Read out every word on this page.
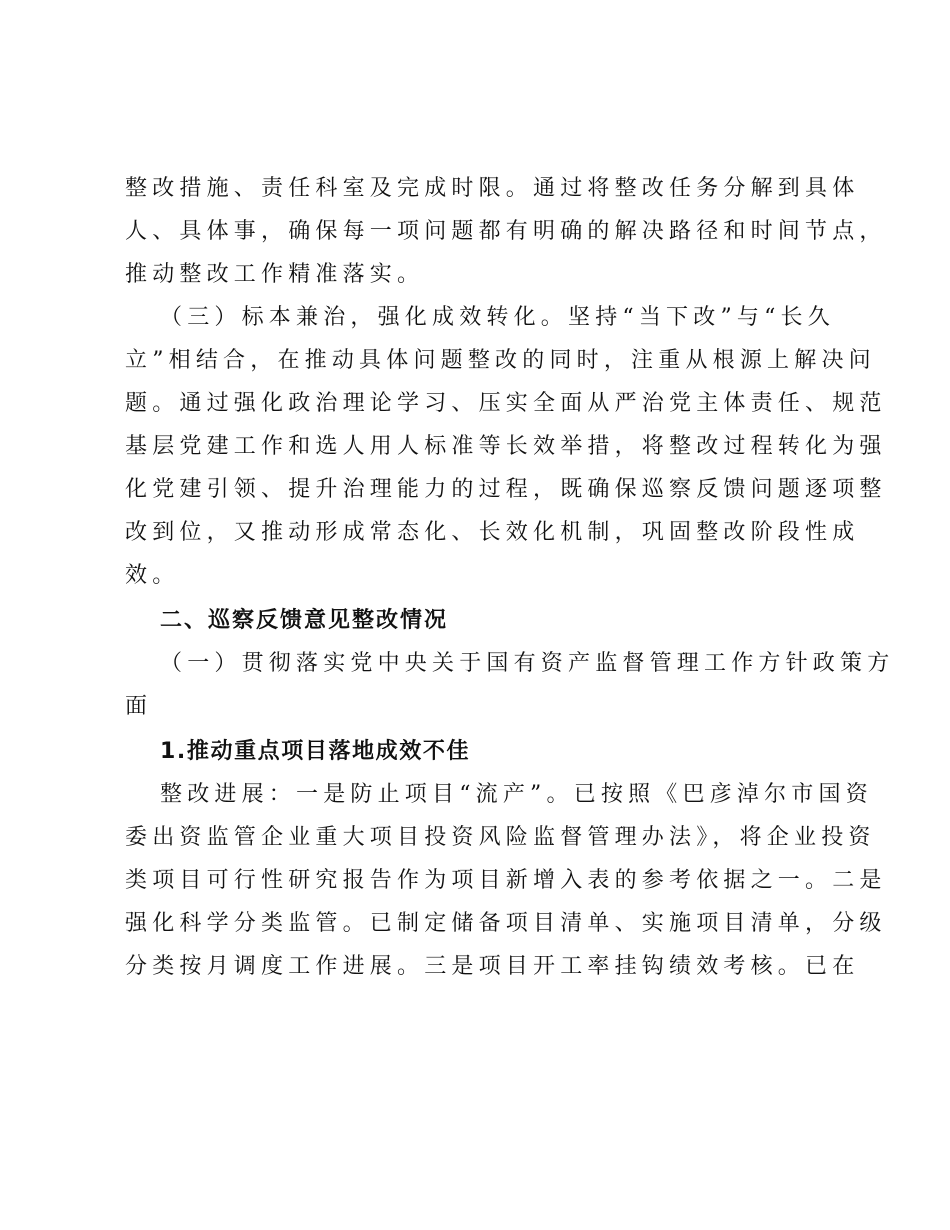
整改措施、责任科室及完成时限。通过将整改任务分解到具体
人、具体事，确保每一项问题都有明确的解决路径和时间节点，
推动整改工作精准落实。
（三）标本兼治，强化成效转化。坚持“当下改”与“长久
立”相结合，在推动具体问题整改的同时，注重从根源上解决问
题。通过强化政治理论学习、压实全面从严治党主体责任、规范
基层党建工作和选人用人标准等长效举措，将整改过程转化为强
化党建引领、提升治理能力的过程，既确保巡察反馈问题逐项整
改到位，又推动形成常态化、长效化机制，巩固整改阶段性成
效。
二、巡察反馈意见整改情况
（一）贯彻落实党中央关于国有资产监督管理工作方针政策方
面
1.推动重点项目落地成效不佳
整改进展：一是防止项目“流产”。已按照《巴彦淖尔市国资
委出资监管企业重大项目投资风险监督管理办法》，将企业投资
类项目可行性研究报告作为项目新增入表的参考依据之一。二是
强化科学分类监管。已制定储备项目清单、实施项目清单，分级
分类按月调度工作进展。三是项目开工率挂钩绩效考核。已在
